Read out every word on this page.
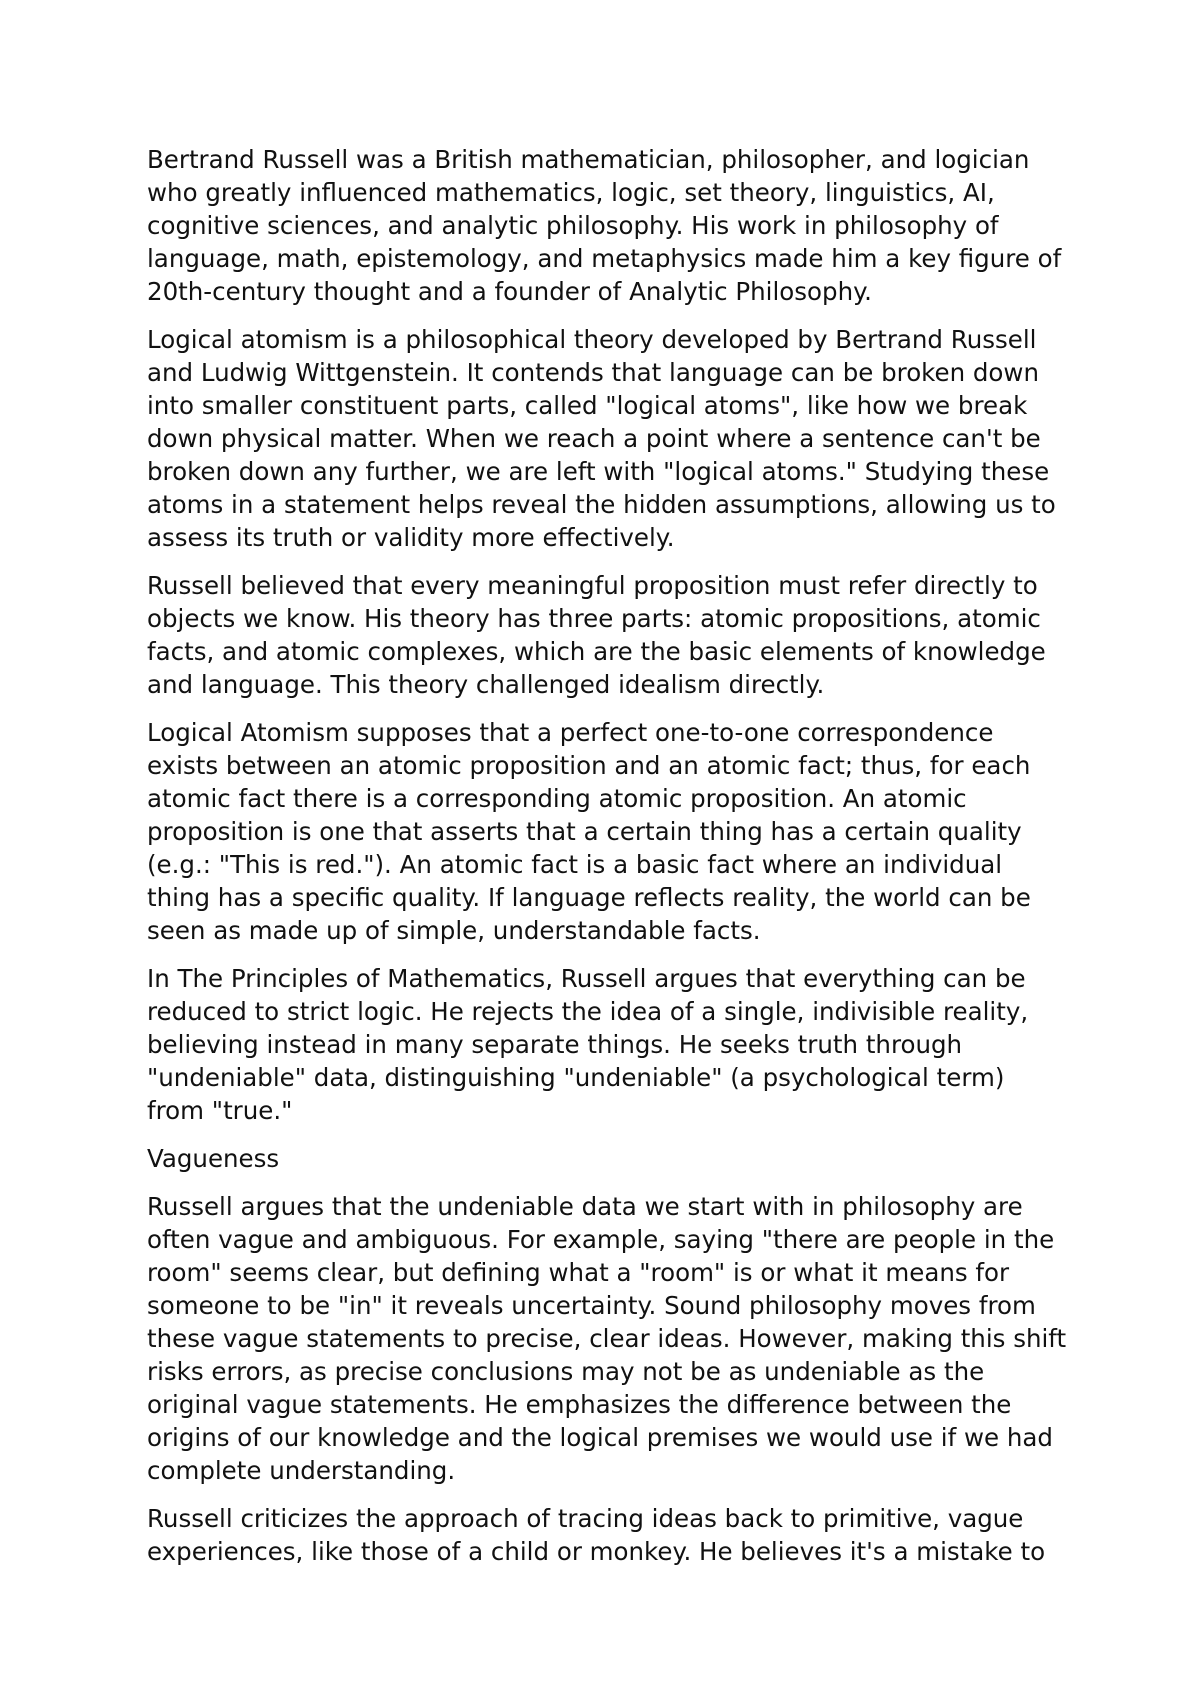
Bertrand Russell was a British mathematician, philosopher, and logician
who greatly influenced mathematics, logic, set theory, linguistics, AI,
cognitive sciences, and analytic philosophy. His work in philosophy of
language, math, epistemology, and metaphysics made him a key figure of
20th-century thought and a founder of Analytic Philosophy.

Logical atomism is a philosophical theory developed by Bertrand Russell
and Ludwig Wittgenstein. It contends that language can be broken down
into smaller constituent parts, called "logical atoms", like how we break
down physical matter. When we reach a point where a sentence can't be
broken down any further, we are left with "logical atoms." Studying these
atoms in a statement helps reveal the hidden assumptions, allowing us to
assess its truth or validity more effectively.

Russell believed that every meaningful proposition must refer directly to
objects we know. His theory has three parts: atomic propositions, atomic
facts, and atomic complexes, which are the basic elements of knowledge
and language. This theory challenged idealism directly.

Logical Atomism supposes that a perfect one-to-one correspondence
exists between an atomic proposition and an atomic fact; thus, for each
atomic fact there is a corresponding atomic proposition. An atomic
proposition is one that asserts that a certain thing has a certain quality
(e.g.: "This is red."). An atomic fact is a basic fact where an individual
thing has a specific quality. If language reflects reality, the world can be
seen as made up of simple, understandable facts.

In The Principles of Mathematics, Russell argues that everything can be
reduced to strict logic. He rejects the idea of a single, indivisible reality,
believing instead in many separate things. He seeks truth through
"undeniable" data, distinguishing "undeniable" (a psychological term)
from "true."

Vagueness

Russell argues that the undeniable data we start with in philosophy are
often vague and ambiguous. For example, saying "there are people in the
room" seems clear, but defining what a "room" is or what it means for
someone to be "in" it reveals uncertainty. Sound philosophy moves from
these vague statements to precise, clear ideas. However, making this shift
risks errors, as precise conclusions may not be as undeniable as the
original vague statements. He emphasizes the difference between the
origins of our knowledge and the logical premises we would use if we had
complete understanding.

Russell criticizes the approach of tracing ideas back to primitive, vague
experiences, like those of a child or monkey. He believes it's a mistake to
